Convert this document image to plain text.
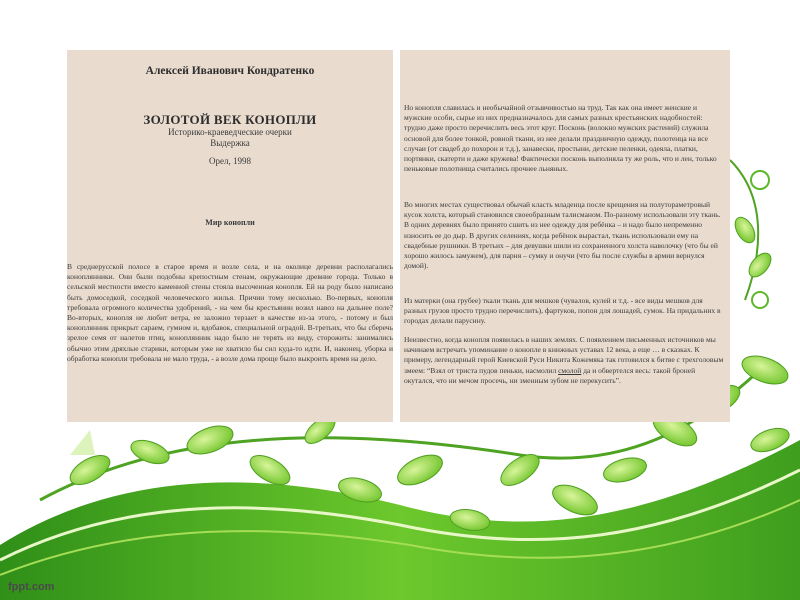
Алексей Иванович Кондратенко
ЗОЛОТОЙ ВЕК КОНОПЛИ
Историко-краеведческие очерки
Выдержка
Орел, 1998
Мир конопли
В среднерусской полосе в старое время и возле села, и на околице деревни располагались коноплянники. Они были подобны крепостным стенам, окружающие древние города. Только в сельской местности вместо каменной стены стояла высоченная конопля. Ей на роду было написано быть домоседкой, соседкой человеческого жилья. Причин тому несколько. Во-первых, конопля требовала огромного количества удобрений, - на чем бы крестьянин возил навоз на дальнее поле? Во-вторых, конопля не любит ветра, ее заложно терзает в качестве из-за этого, - потому и был коноплянник прикрыт сараем, гумном и, вдобавок, специальной оградой. В-третьих, что бы сберечь зрелое семя от налетов птиц, коноплянник надо было не терять из виду, сторожить: занимались обычно этим дряхлые старики, которым уже не хватило бы сил куда-то идти. И, наконец, уборка и обработка конопли требовала не мало труда, - а возле дома проще было выкроить время на дело.
Но конопля славилась и необычайной отзывчивостью на труд. Так как она имеет женские и мужские особи, сырье из них предназначалось для самых разных крестьянских надобностей: трудно даже просто перечислить весь этот круг. Посконь (волокно мужских растений) служила основой для более тонкой, ровной ткани, из нее делали праздничную одежду, полотенца на все случаи (от свадеб до похорон и т.д.), занавески, простыни, детские пеленки, одеяла, платки, портянки, скатерти и даже кружева! Фактически посконь выполняла ту же роль, что и лен, только пеньковые полотнища считались прочнее льняных.
Во многих местах существовал обычай класть младенца после крещения на полутораметровый кусок холста, который становился своеобразным талисманом. По-разному использовали эту ткань. В одних деревнях было принято сшить из нее одежду для ребёнка – и надо было непременно износить ее до дыр. В других селениях, когда ребёнок вырастал, ткань использовали ему на свадебные рушники. В третьих – для девушки шили из сохраненного холста наволочку (что бы ей хорошо жилось замужем), для парня – сумку и онучи (что бы после службы в армии вернулся домой).
Из матерки (она грубее) ткали ткань для мешков (чувалов, кулей и т.д. - все виды мешков для разных грузов просто трудно перечислить), фартуков, попон для лошадей, сумок. На придальних в городах делали парусину.
Неизвестно, когда конопля появилась в наших землях. С появлением письменных источников мы начинаем встречать упоминание о конопле в книжных уставах 12 века, а еще … в сказках. К примеру, легендарный герой Киевской Руси Никита Кожемяка так готовился к битве с трехголовым змеем: “Взял от триста пудов пеньки, насмолил смолой да и обвертелся весь: такой броней окутался, что ни мечом просечь, ни зменным зубом не перекусить”.
fppt.com
